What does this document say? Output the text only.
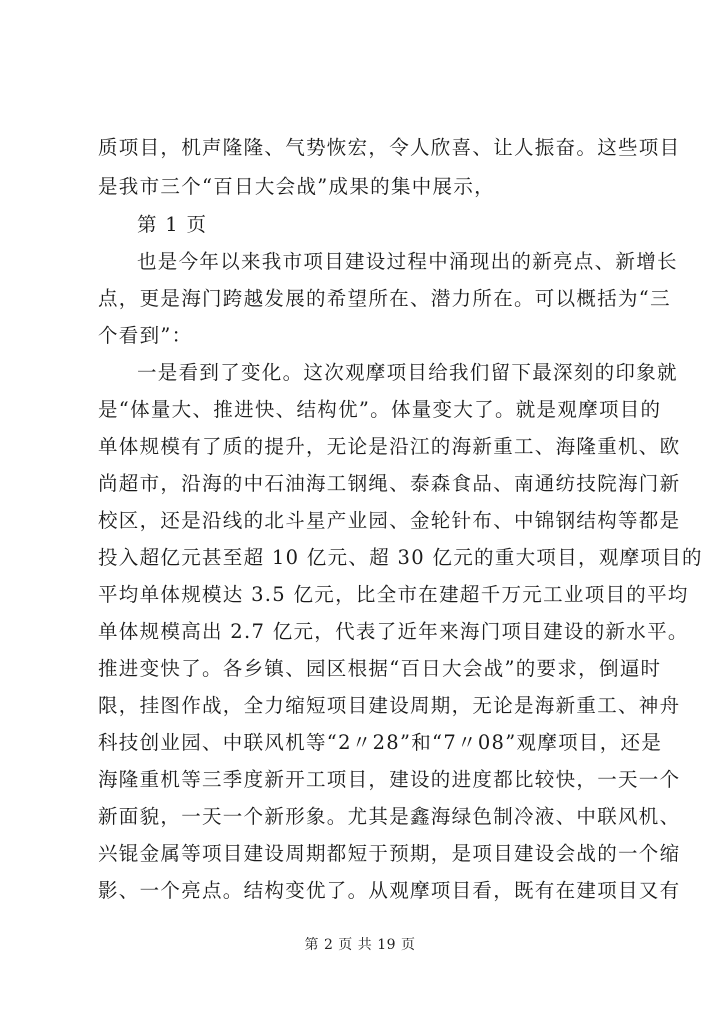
质项目，机声隆隆、气势恢宏，令人欣喜、让人振奋。这些项目
是我市三个“百日大会战”成果的集中展示，
第 1 页
也是今年以来我市项目建设过程中涌现出的新亮点、新增长
点，更是海门跨越发展的希望所在、潜力所在。可以概括为“三
个看到”：
一是看到了变化。这次观摩项目给我们留下最深刻的印象就
是“体量大、推进快、结构优”。体量变大了。就是观摩项目的
单体规模有了质的提升，无论是沿江的海新重工、海隆重机、欧
尚超市，沿海的中石油海工钢绳、泰森食品、南通纺技院海门新
校区，还是沿线的北斗星产业园、金轮针布、中锦钢结构等都是
投入超亿元甚至超 10 亿元、超 30 亿元的重大项目，观摩项目的
平均单体规模达 3.5 亿元，比全市在建超千万元工业项目的平均
单体规模高出 2.7 亿元，代表了近年来海门项目建设的新水平。
推进变快了。各乡镇、园区根据“百日大会战”的要求，倒逼时
限，挂图作战，全力缩短项目建设周期，无论是海新重工、神舟
科技创业园、中联风机等“2〃28”和“7〃08”观摩项目，还是
海隆重机等三季度新开工项目，建设的进度都比较快，一天一个
新面貌，一天一个新形象。尤其是鑫海绿色制冷液、中联风机、
兴锟金属等项目建设周期都短于预期，是项目建设会战的一个缩
影、一个亮点。结构变优了。从观摩项目看，既有在建项目又有
第 2 页 共 19 页
